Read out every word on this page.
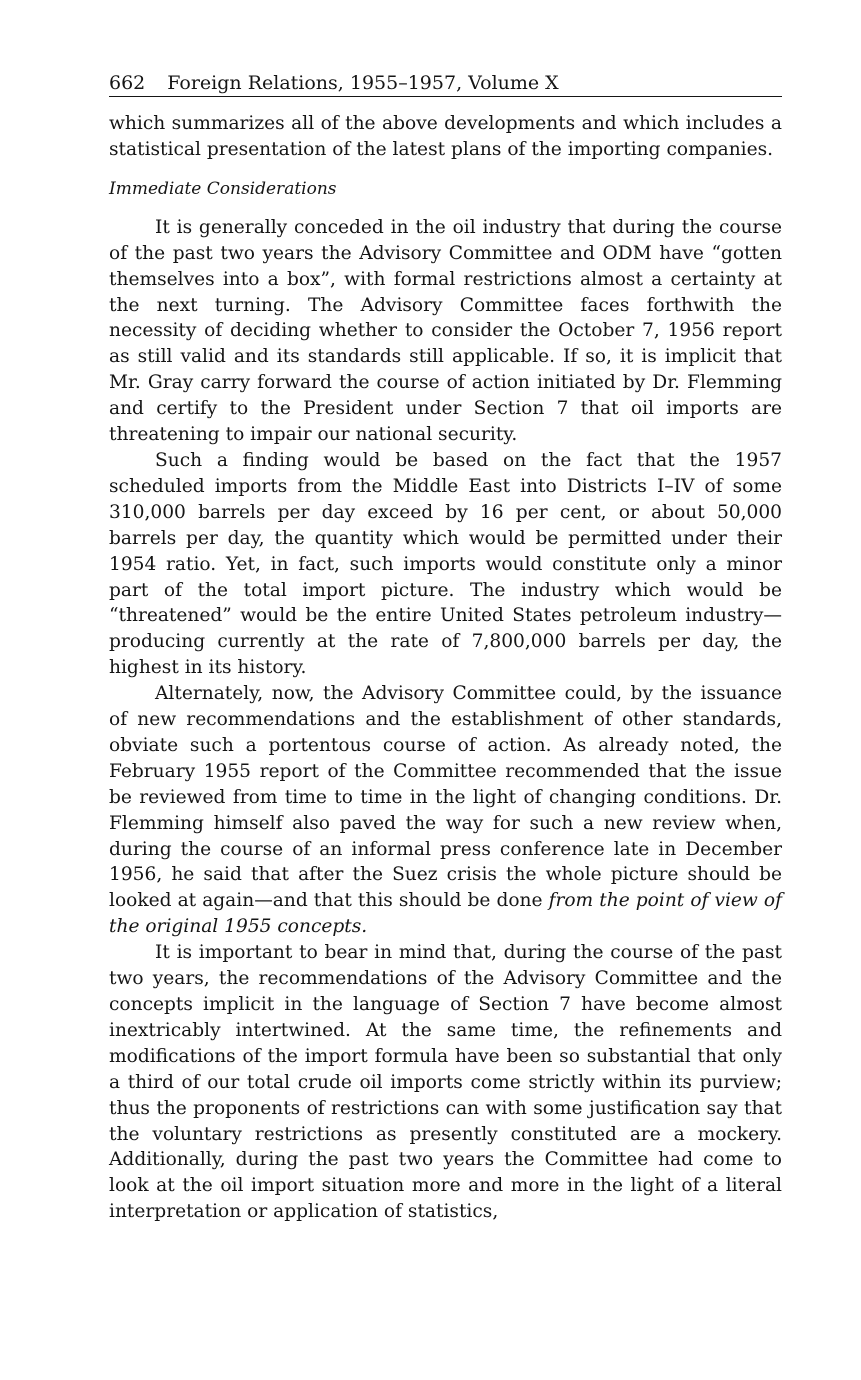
662 Foreign Relations, 1955–1957, Volume X

which summarizes all of the above developments and which includes a statistical presentation of the latest plans of the importing companies.

Immediate Considerations

It is generally conceded in the oil industry that during the course of the past two years the Advisory Committee and ODM have “gotten themselves into a box”, with formal restrictions almost a certainty at the next turning. The Advisory Committee faces forthwith the necessity of deciding whether to consider the October 7, 1956 report as still valid and its standards still applicable. If so, it is implicit that Mr. Gray carry forward the course of action initiated by Dr. Flemming and certify to the President under Section 7 that oil imports are threatening to impair our national security.

Such a finding would be based on the fact that the 1957 scheduled imports from the Middle East into Districts I–IV of some 310,000 barrels per day exceed by 16 per cent, or about 50,000 barrels per day, the quantity which would be permitted under their 1954 ratio. Yet, in fact, such imports would constitute only a minor part of the total import picture. The industry which would be “threatened” would be the entire United States petroleum industry—producing currently at the rate of 7,800,000 barrels per day, the highest in its history.

Alternately, now, the Advisory Committee could, by the issuance of new recommendations and the establishment of other standards, obviate such a portentous course of action. As already noted, the February 1955 report of the Committee recommended that the issue be reviewed from time to time in the light of changing conditions. Dr. Flemming himself also paved the way for such a new review when, during the course of an informal press conference late in December 1956, he said that after the Suez crisis the whole picture should be looked at again—and that this should be done from the point of view of the original 1955 concepts.

It is important to bear in mind that, during the course of the past two years, the recommendations of the Advisory Committee and the concepts implicit in the language of Section 7 have become almost inextricably intertwined. At the same time, the refinements and modifications of the import formula have been so substantial that only a third of our total crude oil imports come strictly within its purview; thus the proponents of restrictions can with some justification say that the voluntary restrictions as presently constituted are a mockery. Additionally, during the past two years the Committee had come to look at the oil import situation more and more in the light of a literal interpretation or application of statistics,
